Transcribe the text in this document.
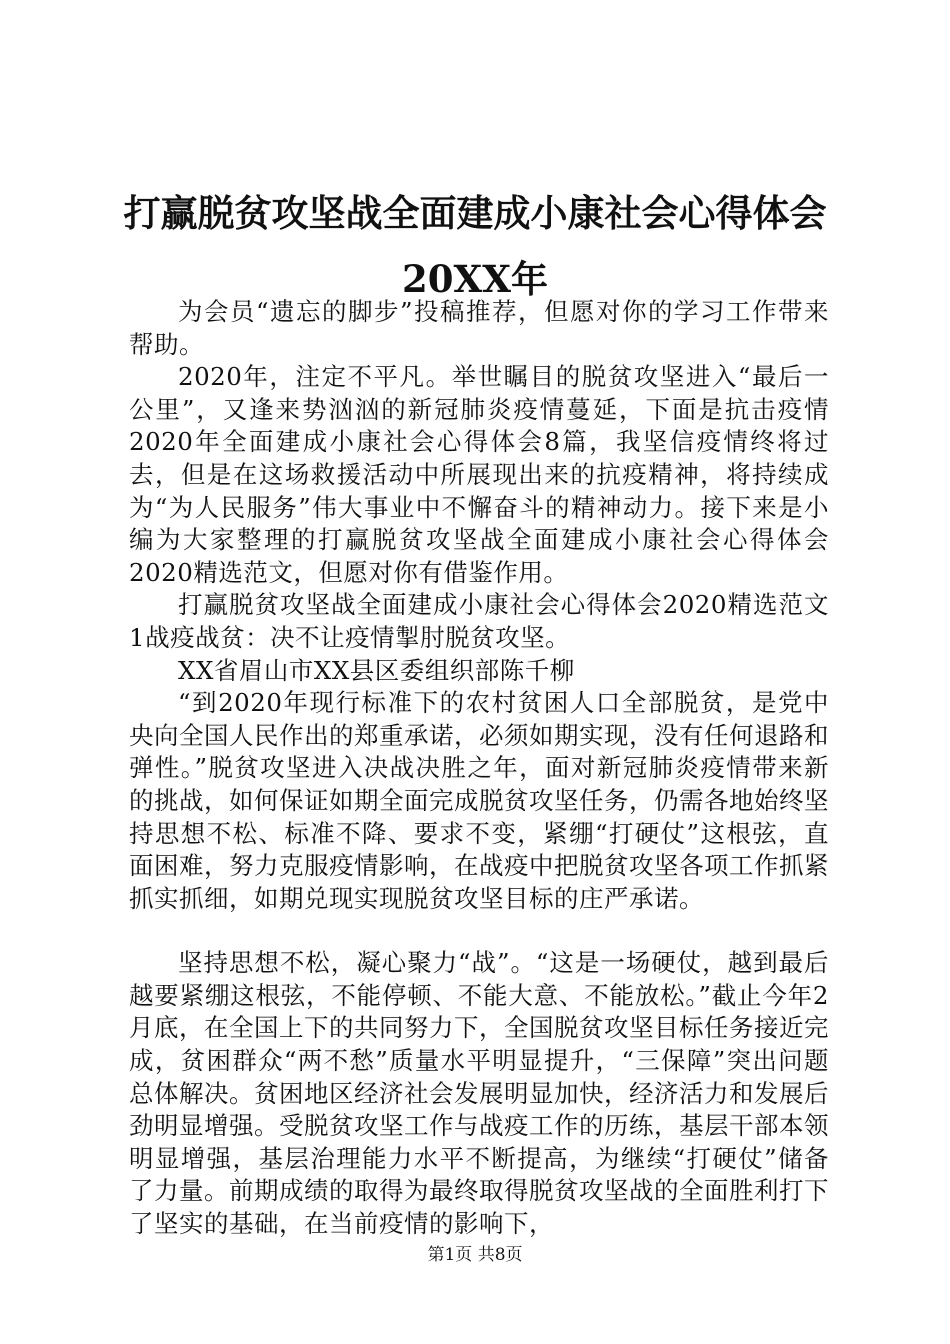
打赢脱贫攻坚战全面建成小康社会心得体会
20XX年

为会员“遗忘的脚步”投稿推荐，但愿对你的学习工作带来帮助。

2020年，注定不平凡。举世瞩目的脱贫攻坚进入“最后一公里”，又逢来势汹汹的新冠肺炎疫情蔓延，下面是抗击疫情2020年全面建成小康社会心得体会8篇，我坚信疫情终将过去，但是在这场救援活动中所展现出来的抗疫精神，将持续成为“为人民服务”伟大事业中不懈奋斗的精神动力。接下来是小编为大家整理的打赢脱贫攻坚战全面建成小康社会心得体会2020精选范文，但愿对你有借鉴作用。

打赢脱贫攻坚战全面建成小康社会心得体会2020精选范文1战疫战贫：决不让疫情掣肘脱贫攻坚。

XX省眉山市XX县区委组织部陈千柳

“到2020年现行标准下的农村贫困人口全部脱贫，是党中央向全国人民作出的郑重承诺，必须如期实现，没有任何退路和弹性。”脱贫攻坚进入决战决胜之年，面对新冠肺炎疫情带来新的挑战，如何保证如期全面完成脱贫攻坚任务，仍需各地始终坚持思想不松、标准不降、要求不变，紧绷“打硬仗”这根弦，直面困难，努力克服疫情影响，在战疫中把脱贫攻坚各项工作抓紧抓实抓细，如期兑现实现脱贫攻坚目标的庄严承诺。

坚持思想不松，凝心聚力“战”。“这是一场硬仗，越到最后越要紧绷这根弦，不能停顿、不能大意、不能放松。”截止今年2月底，在全国上下的共同努力下，全国脱贫攻坚目标任务接近完成，贫困群众“两不愁”质量水平明显提升，“三保障”突出问题总体解决。贫困地区经济社会发展明显加快，经济活力和发展后劲明显增强。受脱贫攻坚工作与战疫工作的历练，基层干部本领明显增强，基层治理能力水平不断提高，为继续“打硬仗”储备了力量。前期成绩的取得为最终取得脱贫攻坚战的全面胜利打下了坚实的基础，在当前疫情的影响下，

第1页 共8页
